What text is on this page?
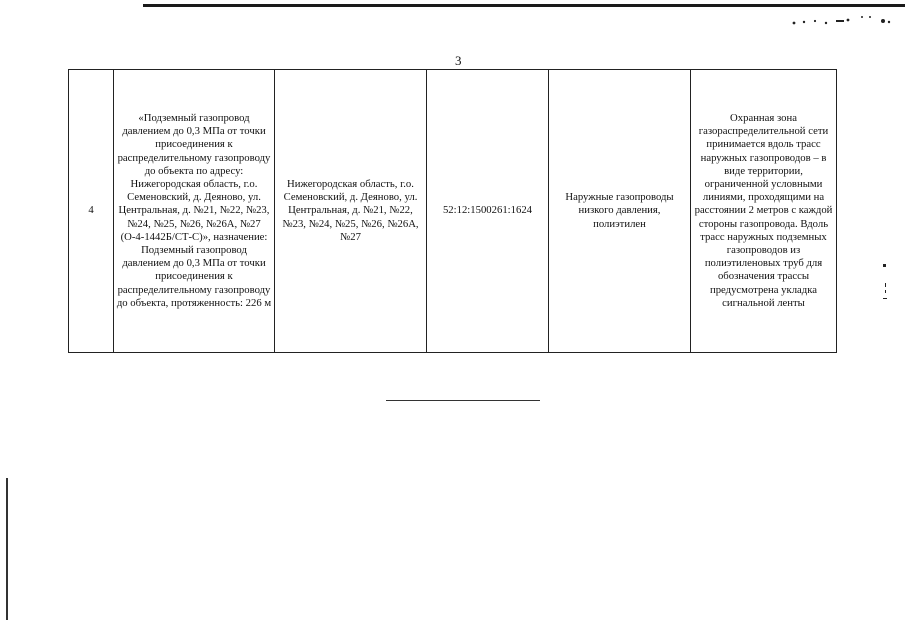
3
4	«Подземный газопровод давлением до 0,3 МПа от точки присоединения к распределительному газопроводу до объекта по адресу: Нижегородская область, г.о. Семеновский, д. Деяново, ул. Центральная, д. №21, №22, №23, №24, №25, №26, №26А, №27 (О-4-1442Б/СТ-С)», назначение: Подземный газопровод давлением до 0,3 МПа от точки присоединения к распределительному газопроводу до объекта, протяженность: 226 м	Нижегородская область, г.о. Семеновский, д. Деяново, ул. Центральная, д. №21, №22, №23, №24, №25, №26, №26А, №27	52:12:1500261:1624	Наружные газопроводы низкого давления, полиэтилен	Охранная зона газораспределительной сети принимается вдоль трасс наружных газопроводов – в виде территории, ограниченной условными линиями, проходящими на расстоянии 2 метров с каждой стороны газопровода. Вдоль трасс наружных подземных газопроводов из полиэтиленовых труб для обозначения трассы предусмотрена укладка сигнальной ленты
